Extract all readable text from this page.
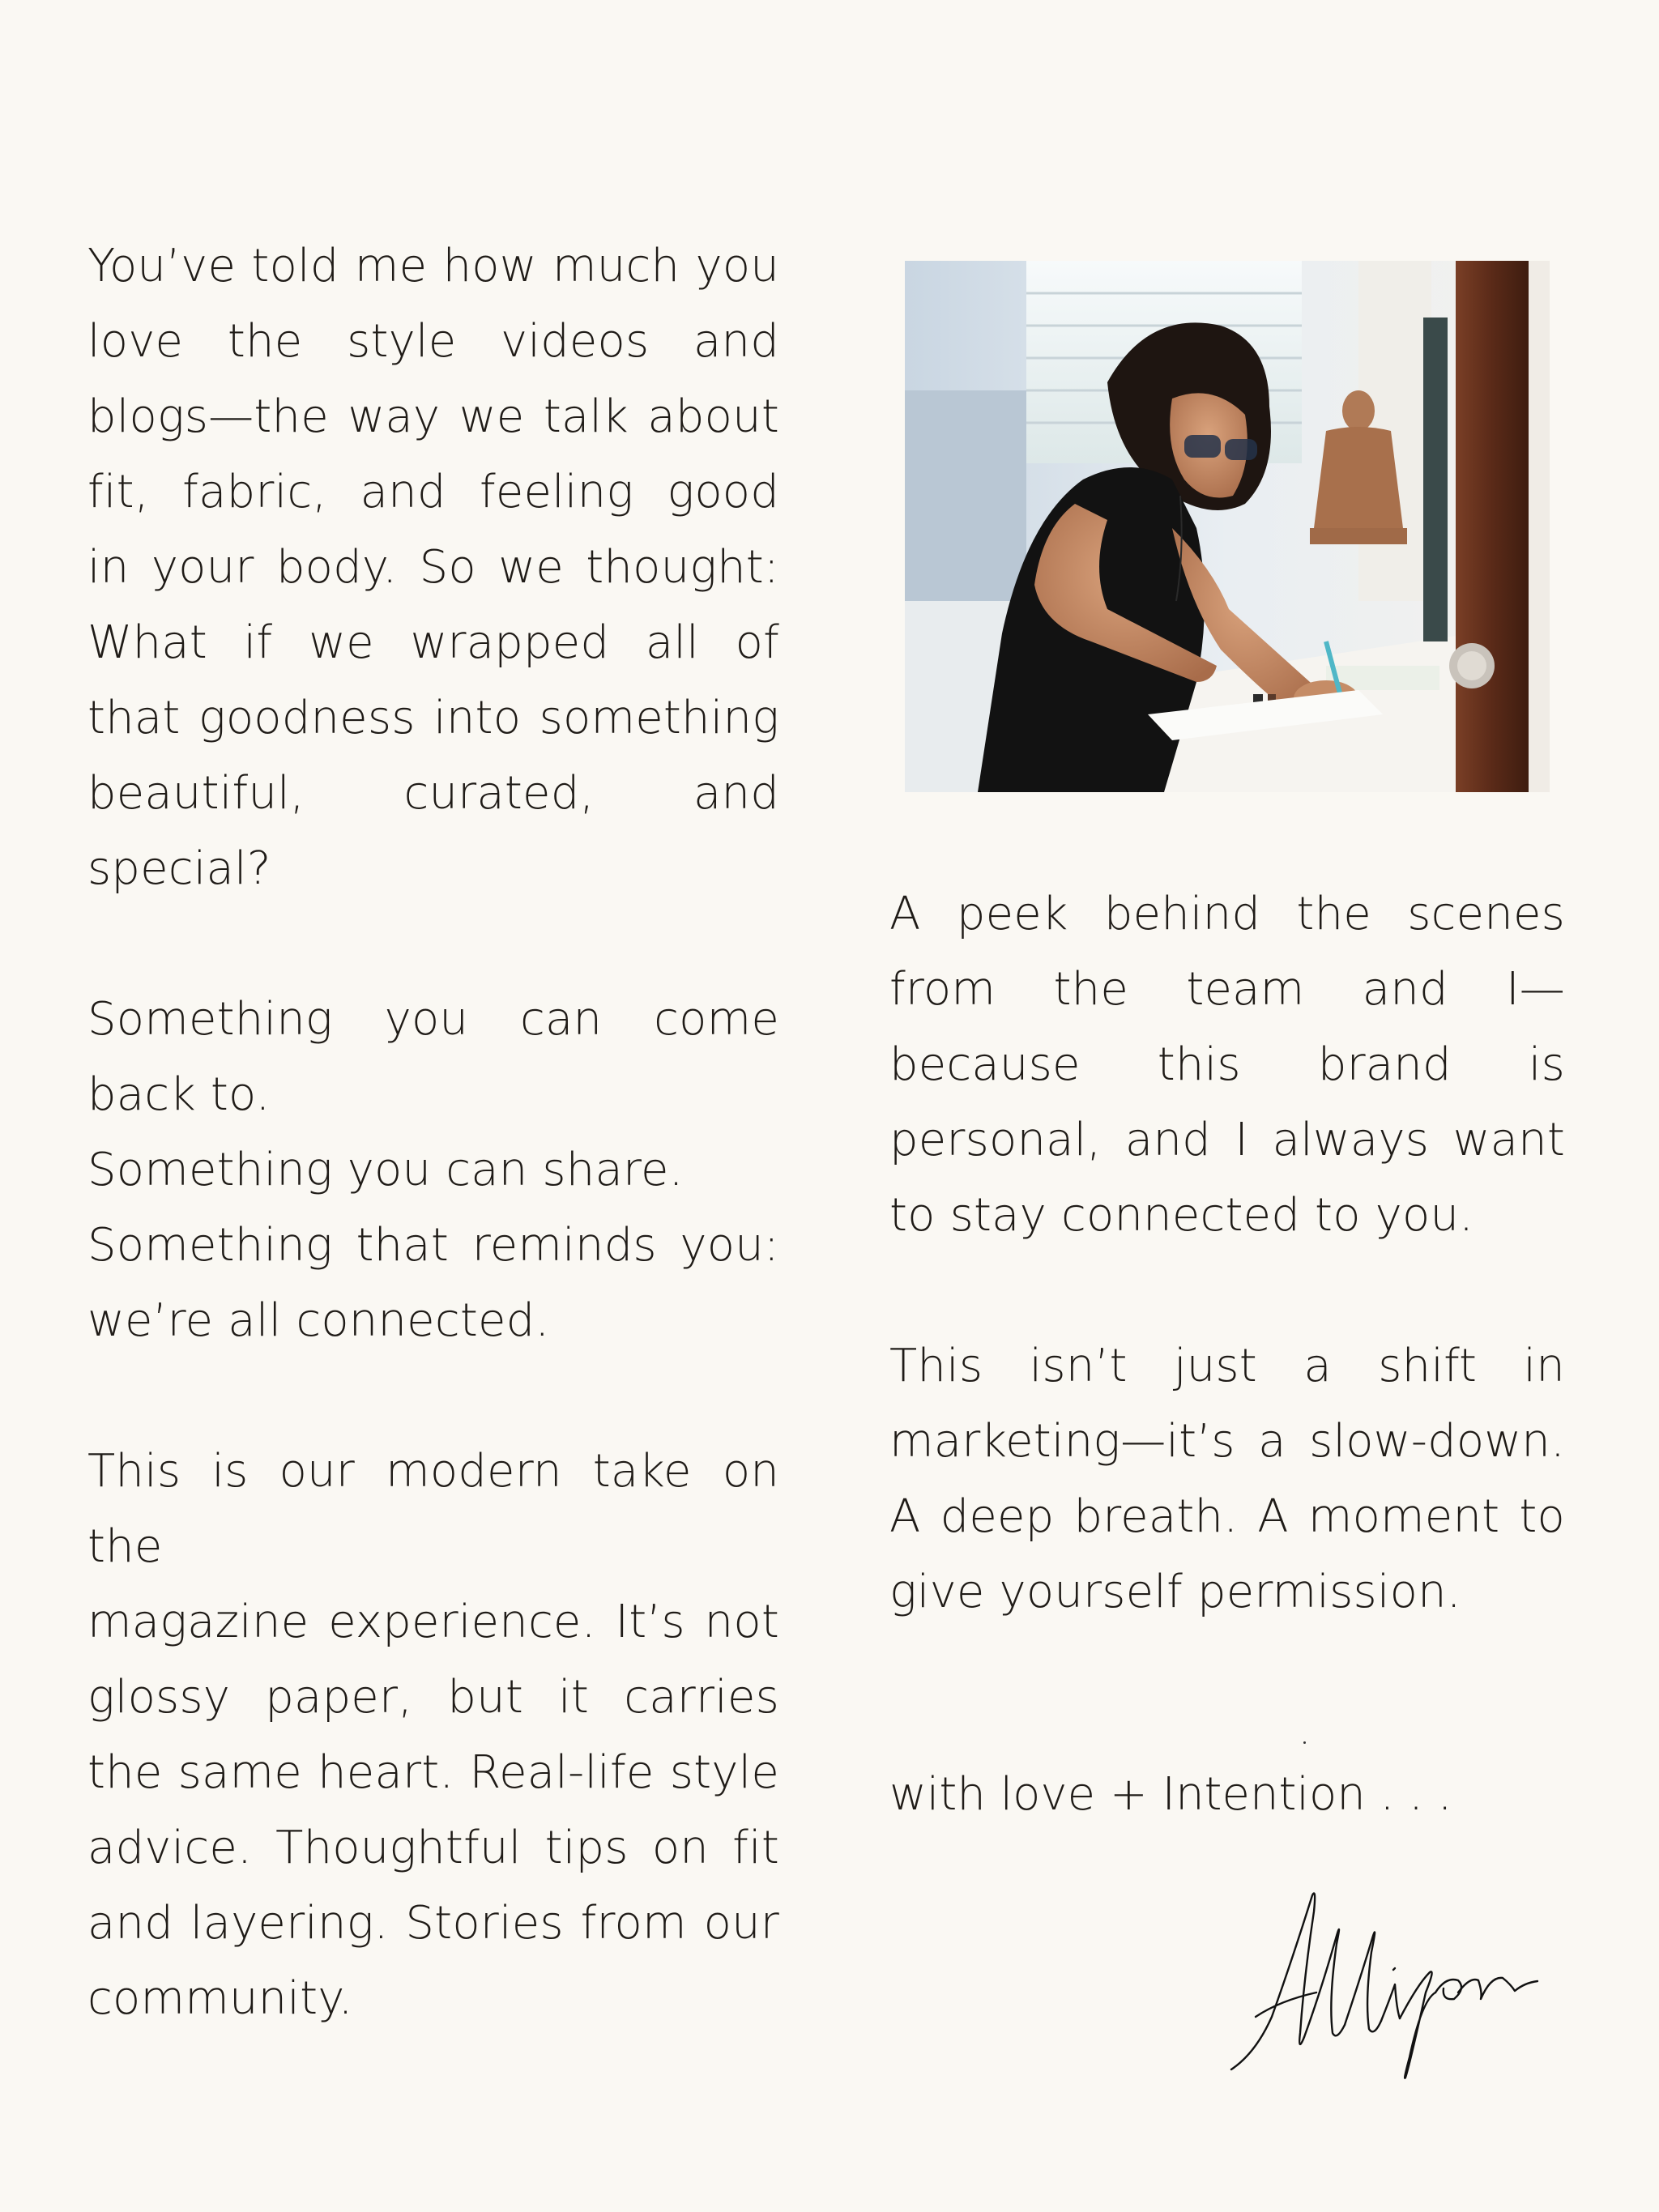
You’ve told me how much you
love the style videos and
blogs—the way we talk about
fit, fabric, and feeling good
in your body. So we thought:
What if we wrapped all of
that goodness into something
beautiful, curated, and
special?

Something you can come
back to.
Something you can share.
Something that reminds you:
we’re all connected.

This is our modern take on the
magazine experience. It’s not
glossy paper, but it carries
the same heart. Real-life style
advice. Thoughtful tips on fit
and layering. Stories from our
community.

A peek behind the scenes
from the team and I—
because this brand is
personal, and I always want
to stay connected to you.

This isn’t just a shift in
marketing—it’s a slow-down.
A deep breath. A moment to
give yourself permission.

with love + Intention . . .
